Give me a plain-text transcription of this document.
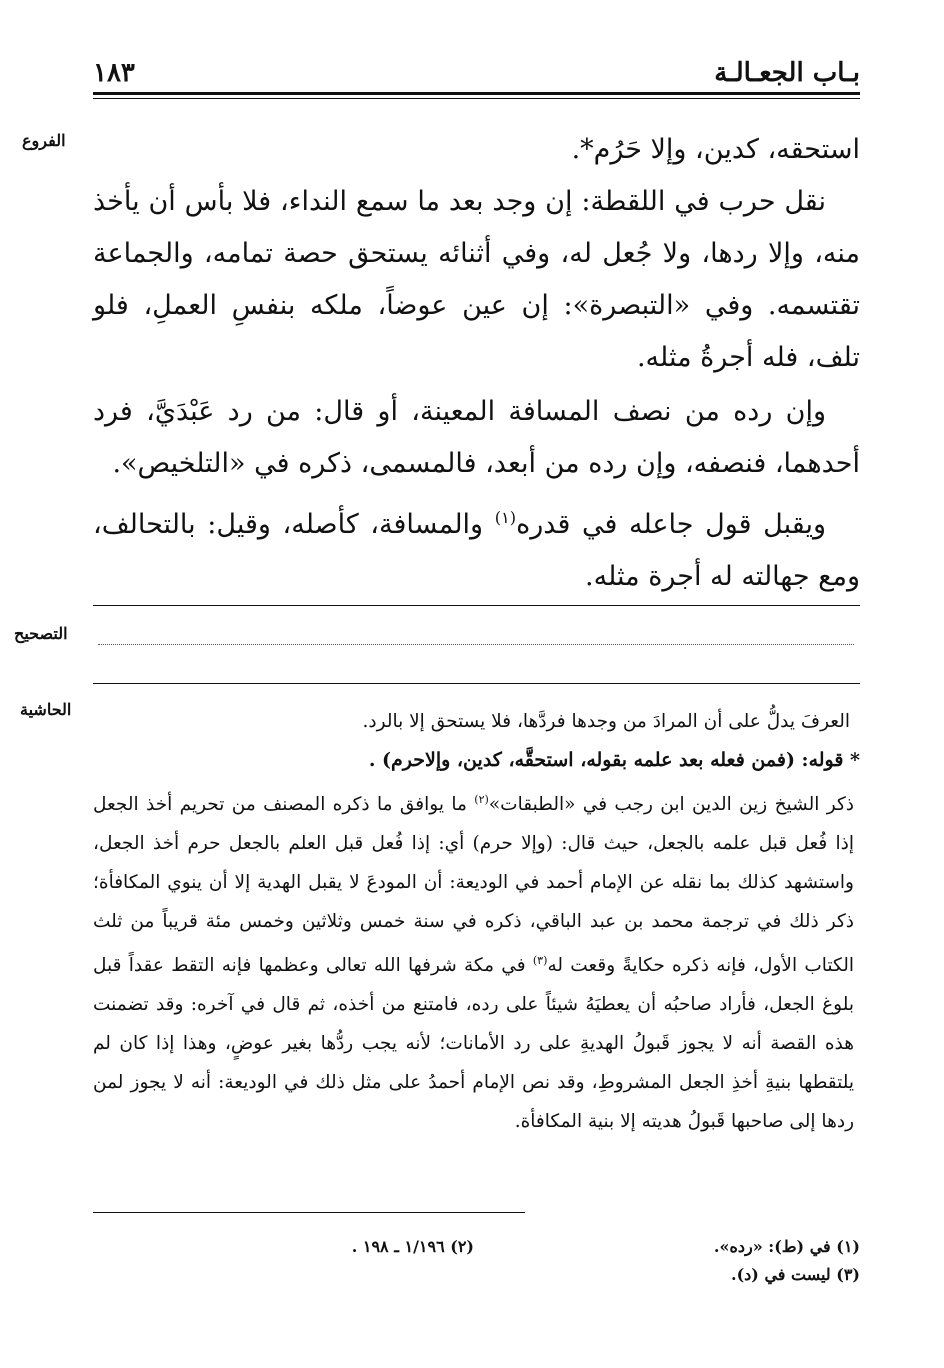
بـاب الجعـالـة
١٨٣
الفروع
التصحيح
الحاشية

استحقه، كدين، وإلا حَرُم*.

نقل حرب في اللقطة: إن وجد بعد ما سمع النداء، فلا بأس أن يأخذ منه، وإلا ردها، ولا جُعل له، وفي أثنائه يستحق حصة تمامه، والجماعة تقتسمه. وفي «التبصرة»: إن عين عوضاً، ملكه بنفسِ العملِ، فلو تلف، فله أجرةُ مثله.

وإن رده من نصف المسافة المعينة، أو قال: من رد عَبْدَيَّ، فرد أحدهما، فنصفه، وإن رده من أبعد، فالمسمى، ذكره في «التلخيص».

ويقبل قول جاعله في قدره$^{(١)}$ والمسافة، كأصله، وقيل: بالتحالف، ومع جهالته له أجرة مثله.

العرفَ يدلُّ على أن المرادَ من وجدها فردَّها، فلا يستحق إلا بالرد.

* قوله: (فمن فعله بعد علمه بقوله، استحقَّه، كدين، وإلاحرم) .

ذكر الشيخ زين الدين ابن رجب في «الطبقات»$^{(٢)}$ ما يوافق ما ذكره المصنف من تحريم أخذ الجعل إذا فُعل قبل علمه بالجعل، حيث قال: (وإلا حرم) أي: إذا فُعل قبل العلم بالجعل حرم أخذ الجعل، واستشهد كذلك بما نقله عن الإمام أحمد في الوديعة: أن المودعَ لا يقبل الهدية إلا أن ينوي المكافأة؛ ذكر ذلك في ترجمة محمد بن عبد الباقي، ذكره في سنة خمس وثلاثين وخمس مئة قريباً من ثلث الكتاب الأول، فإنه ذكره حكايةً وقعت له$^{(٣)}$ في مكة شرفها الله تعالى وعظمها فإنه التقط عقداً قبل بلوغ الجعل، فأراد صاحبُه أن يعطيَهُ شيئاً على رده، فامتنع من أخذه، ثم قال في آخره: وقد تضمنت هذه القصة أنه لا يجوز قَبولُ الهديةِ على رد الأمانات؛ لأنه يجب ردُّها بغير عوضٍ، وهذا إذا كان لم يلتقطها بنيةِ أخذِ الجعل المشروطِ، وقد نص الإمام أحمدُ على مثل ذلك في الوديعة: أنه لا يجوز لمن ردها إلى صاحبها قَبولُ هديته إلا بنية المكافأة.

(١) في (ط): «رده».
(٢) ١/١٩٦ ـ ١٩٨ .
(٣) ليست في (د).
